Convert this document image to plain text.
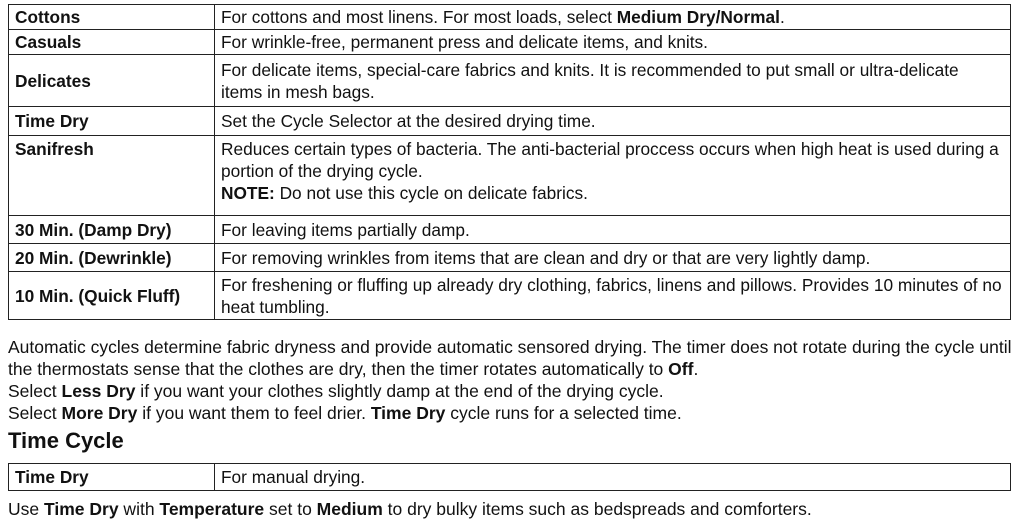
Cottons	For cottons and most linens. For most loads, select Medium Dry/Normal.
Casuals	For wrinkle-free, permanent press and delicate items, and knits.
Delicates	For delicate items, special-care fabrics and knits. It is recommended to put small or ultra-delicate items in mesh bags.
Time Dry	Set the Cycle Selector at the desired drying time.
Sanifresh	Reduces certain types of bacteria. The anti-bacterial proccess occurs when high heat is used during a portion of the drying cycle.
NOTE: Do not use this cycle on delicate fabrics.
30 Min. (Damp Dry)	For leaving items partially damp.
20 Min. (Dewrinkle)	For removing wrinkles from items that are clean and dry or that are very lightly damp.
10 Min. (Quick Fluff)	For freshening or fluffing up already dry clothing, fabrics, linens and pillows. Provides 10 minutes of no heat tumbling.
Automatic cycles determine fabric dryness and provide automatic sensored drying. The timer does not rotate during the cycle until the thermostats sense that the clothes are dry, then the timer rotates automatically to Off.
Select Less Dry if you want your clothes slightly damp at the end of the drying cycle.
Select More Dry if you want them to feel drier. Time Dry cycle runs for a selected time.
Time Cycle
Time Dry	For manual drying.
Use Time Dry with Temperature set to Medium to dry bulky items such as bedspreads and comforters.
